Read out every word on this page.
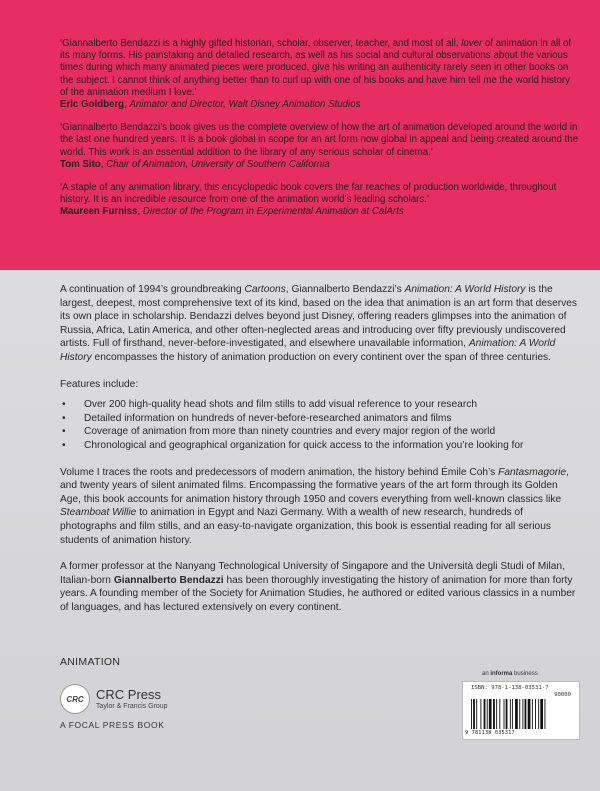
‘Giannalberto Bendazzi is a highly gifted historian, scholar, observer, teacher, and most of all, lover of animation in all of its many forms. His painstaking and detailed research, as well as his social and cultural observations about the various times during which many animated pieces were produced, give his writing an authenticity rarely seen in other books on the subject. I cannot think of anything better than to curl up with one of his books and have him tell me the world history of the animation medium I love.’

Eric Goldberg, Animator and Director, Walt Disney Animation Studios

‘Giannalberto Bendazzi’s book gives us the complete overview of how the art of animation developed around the world in the last one hundred years. It is a book global in scope for an art form now global in appeal and being created around the world. This work is an essential addition to the library of any serious scholar of cinema.’

Tom Sito, Chair of Animation, University of Southern California

‘A staple of any animation library, this encyclopedic book covers the far reaches of production worldwide, throughout history. It is an incredible resource from one of the animation world’s leading scholars.’

Maureen Furniss, Director of the Program in Experimental Animation at CalArts

A continuation of 1994’s groundbreaking Cartoons, Giannalberto Bendazzi’s Animation: A World History is the largest, deepest, most comprehensive text of its kind, based on the idea that animation is an art form that deserves its own place in scholarship. Bendazzi delves beyond just Disney, offering readers glimpses into the animation of Russia, Africa, Latin America, and other often-neglected areas and introducing over fifty previously undiscovered artists. Full of firsthand, never-before-investigated, and elsewhere unavailable information, Animation: A World History encompasses the history of animation production on every continent over the span of three centuries.

Features include:

• Over 200 high-quality head shots and film stills to add visual reference to your research
• Detailed information on hundreds of never-before-researched animators and films
• Coverage of animation from more than ninety countries and every major region of the world
• Chronological and geographical organization for quick access to the information you’re looking for

Volume I traces the roots and predecessors of modern animation, the history behind Émile Coh’s Fantasmagorie, and twenty years of silent animated films. Encompassing the formative years of the art form through its Golden Age, this book accounts for animation history through 1950 and covers everything from well-known classics like Steamboat Willie to animation in Egypt and Nazi Germany. With a wealth of new research, hundreds of photographs and film stills, and an easy-to-navigate organization, this book is essential reading for all serious students of animation history.

A former professor at the Nanyang Technological University of Singapore and the Università degli Studi of Milan, Italian-born Giannalberto Bendazzi has been thoroughly investigating the history of animation for more than forty years. A founding member of the Society for Animation Studies, he authored or edited various classics in a number of languages, and has lectured extensively on every continent.

ANIMATION
an informa business
CRC CRC Press
Taylor & Francis Group
A FOCAL PRESS BOOK
ISBN: 978-1-138-03531-7
90000
9 781138 035317
